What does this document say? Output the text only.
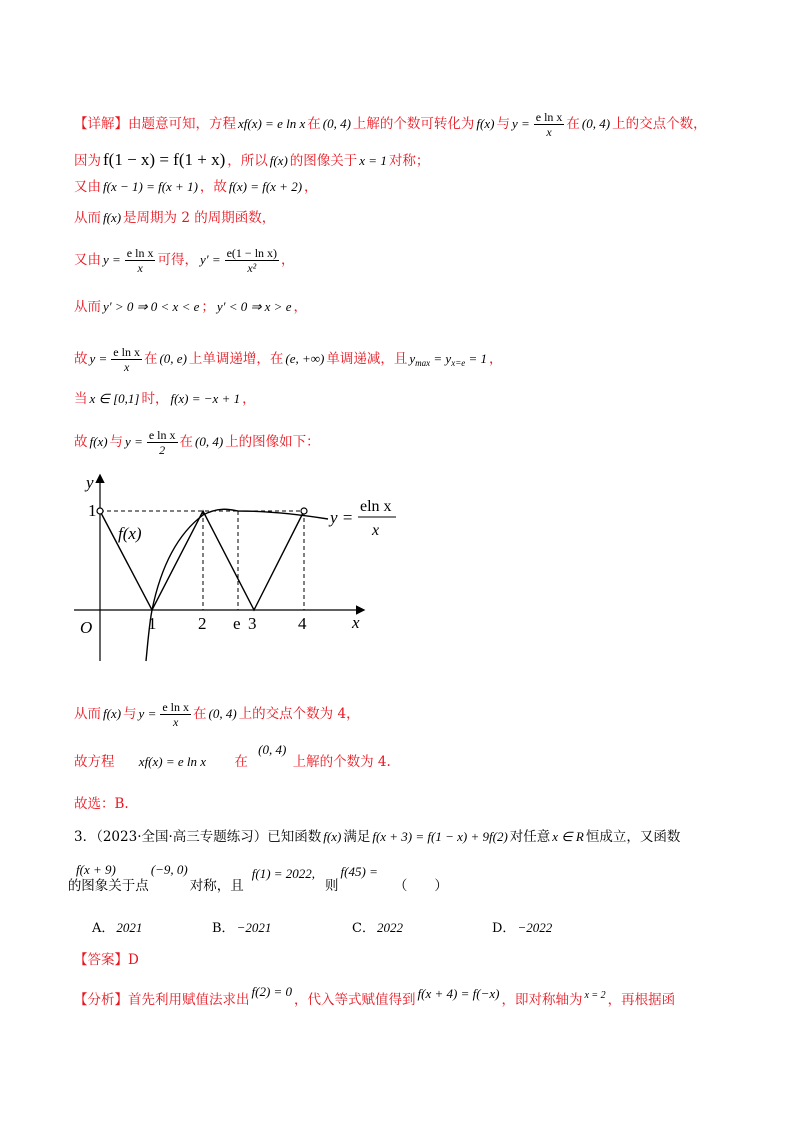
【详解】由题意可知，方程 xf(x) = e ln x 在 (0, 4) 上解的个数可转化为 f(x) 与 $y = \frac{\text{e ln x}}{x}$ 在 (0, 4) 上的交点个数，
因为 f(1 − x) = f(1 + x) ，所以 f(x) 的图像关于 x = 1 对称；
又由 f(x − 1) = f(x + 1) ，故 f(x) = f(x + 2) ，
从而 f(x) 是周期为 2 的周期函数，
又由 $y = \frac{\text{e ln x}}{x}$ 可得， $y' = \frac{\text{e(1 − ln x)}}{\text{x²}}$ ，
从而 y′ > 0 ⇒ 0 < x < e ； y′ < 0 ⇒ x > e ，
故 $y = \frac{\text{e ln x}}{x}$ 在 (0, e) 上单调递增，在 (e, +∞) 单调递减，且 $y_{max} = y_{x=e} = 1$ ，
当 x ∈ [0,1] 时， f(x) = −x + 1 ，
故 f(x) 与 $y = \frac{\text{e ln x}}{2}$ 在 (0, 4) 上的图像如下：
y
x
O
1
1 2 e 3 4
f(x)
y =
eln x
x
从而 f(x) 与 $y = \frac{\text{e ln x}}{x}$ 在 (0, 4) 上的交点个数为 4，
故方程 xf(x) = e ln x 在 (0, 4) 上解的个数为 4.
故选：B.
3．（2023·全国·高三专题练习）已知函数 f(x) 满足 f(x + 3) = f(1 − x) + 9f(2) 对任意 x ∈ R 恒成立，又函数
f(x + 9)的图象关于点(−9, 0)对称，且f(1) = 2022,则f(45) =（　　）
A． 2021	B． −2021	C． 2022	D． −2022
【答案】D
【分析】首先利用赋值法求出f(2) = 0，代入等式赋值得到 f(x + 4) = f(−x) ，即对称轴为 $^{x = 2}$ ，再根据函
